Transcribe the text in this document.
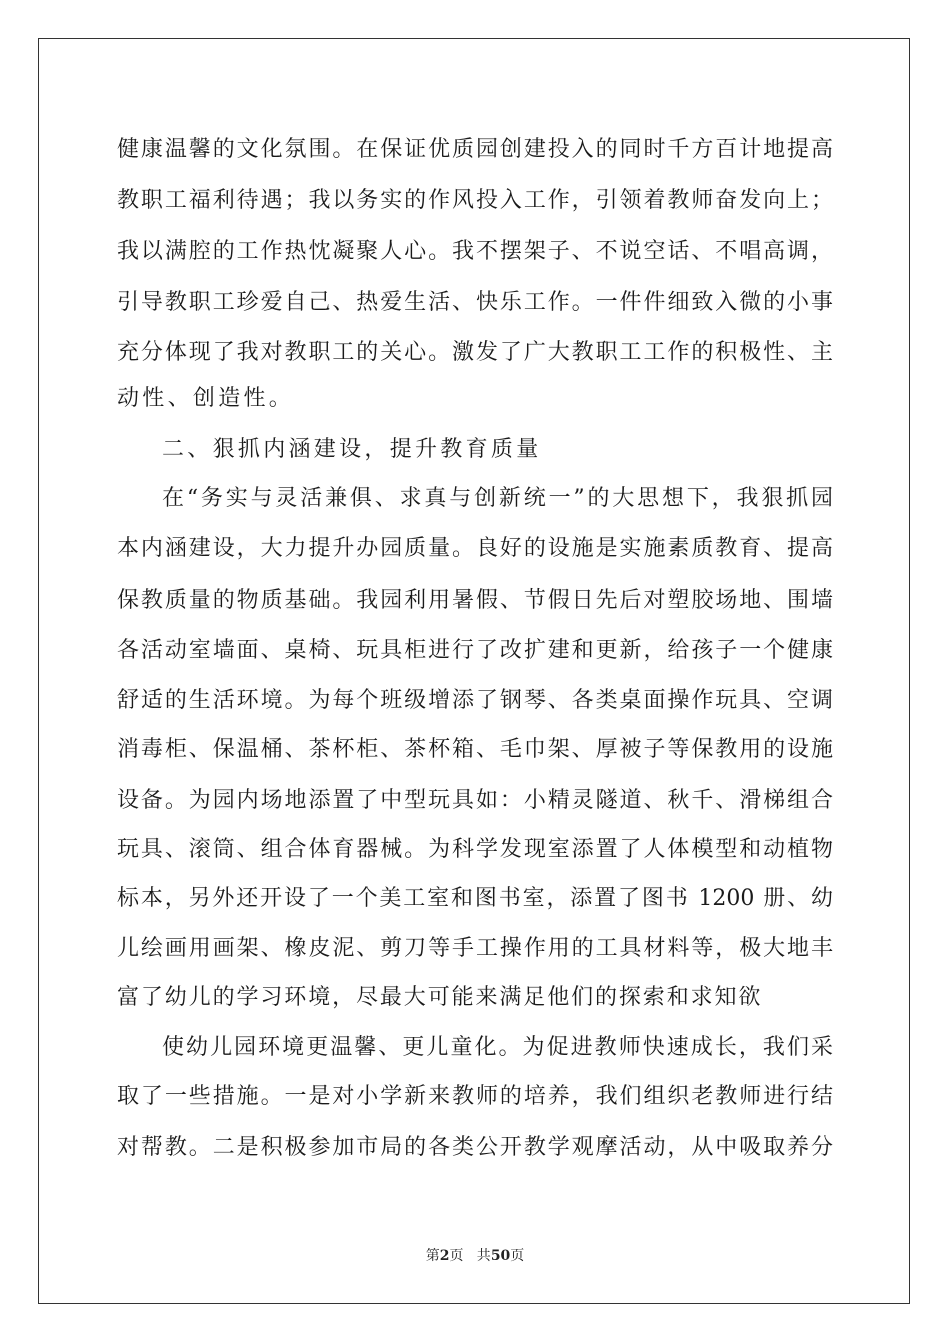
健康温馨的文化氛围。在保证优质园创建投入的同时千方百计地提高
教职工福利待遇；我以务实的作风投入工作，引领着教师奋发向上；
我以满腔的工作热忱凝聚人心。我不摆架子、不说空话、不唱高调，
引导教职工珍爱自己、热爱生活、快乐工作。一件件细致入微的小事
充分体现了我对教职工的关心。激发了广大教职工工作的积极性、主
动性、创造性。
二、狠抓内涵建设，提升教育质量
在“务实与灵活兼俱、求真与创新统一”的大思想下，我狠抓园
本内涵建设，大力提升办园质量。良好的设施是实施素质教育、提高
保教质量的物质基础。我园利用暑假、节假日先后对塑胶场地、围墙
各活动室墙面、桌椅、玩具柜进行了改扩建和更新，给孩子一个健康
舒适的生活环境。为每个班级增添了钢琴、各类桌面操作玩具、空调
消毒柜、保温桶、茶杯柜、茶杯箱、毛巾架、厚被子等保教用的设施
设备。为园内场地添置了中型玩具如：小精灵隧道、秋千、滑梯组合
玩具、滚筒、组合体育器械。为科学发现室添置了人体模型和动植物
标本，另外还开设了一个美工室和图书室，添置了图书 1200 册、幼
儿绘画用画架、橡皮泥、剪刀等手工操作用的工具材料等，极大地丰
富了幼儿的学习环境，尽最大可能来满足他们的探索和求知欲
使幼儿园环境更温馨、更儿童化。为促进教师快速成长，我们采
取了一些措施。一是对小学新来教师的培养，我们组织老教师进行结
对帮教。二是积极参加市局的各类公开教学观摩活动，从中吸取养分
第2页   共50页
